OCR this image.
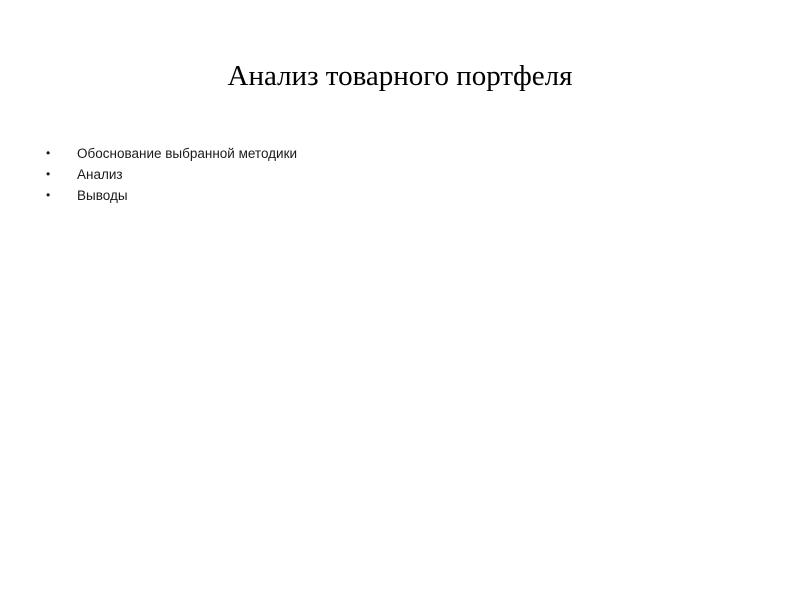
Анализ товарного портфеля
•	Обоснование выбранной методики
•	Анализ
•	Выводы
